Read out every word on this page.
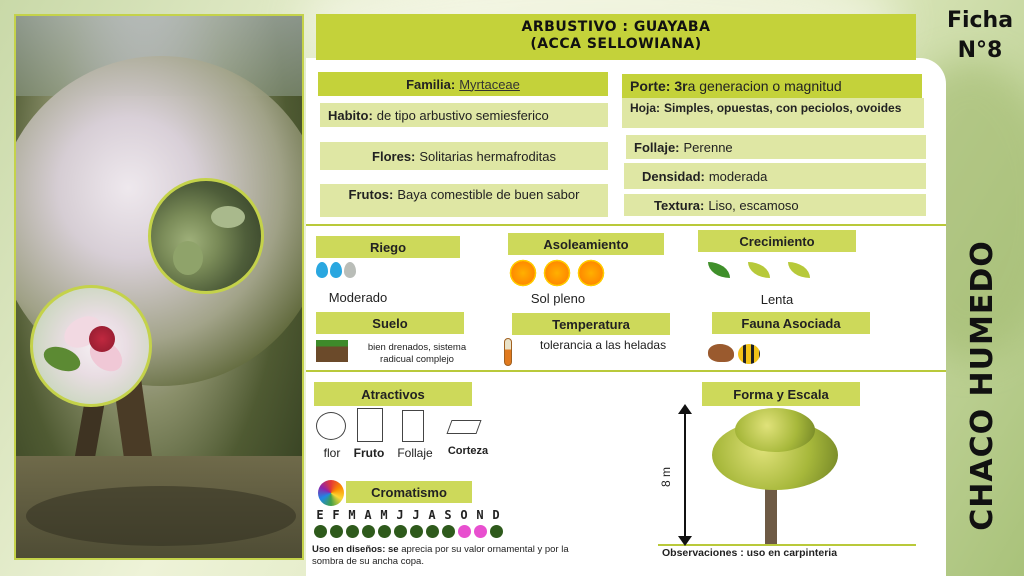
ARBUSTIVO : GUAYABA
(ACCA SELLOWIANA)
Ficha
N°8
CHACO HUMEDO
Familia: Myrtaceae
Habito: de tipo arbustivo semiesferico
Flores: Solitarias hermafroditas
Frutos: Baya comestible de buen sabor
Porte: 3r a generacion o magnitud
Hoja: Simples, opuestas, con peciolos, ovoides
Follaje: Perenne
Densidad: moderada
Textura: Liso, escamoso
Riego
Moderado
Asoleamiento
Sol pleno
Crecimiento
Lenta
Suelo
bien drenados, sistema
radicual complejo
Temperatura
tolerancia a las heladas
Fauna Asociada
Atractivos
flor	Fruto	Follaje	Corteza
Cromatismo
E F M A M J J A S O N D
Uso en diseños: se aprecia por su valor ornamental y por la
sombra de su ancha copa.
Forma y Escala
8 m
Observaciones : uso en carpinteria
